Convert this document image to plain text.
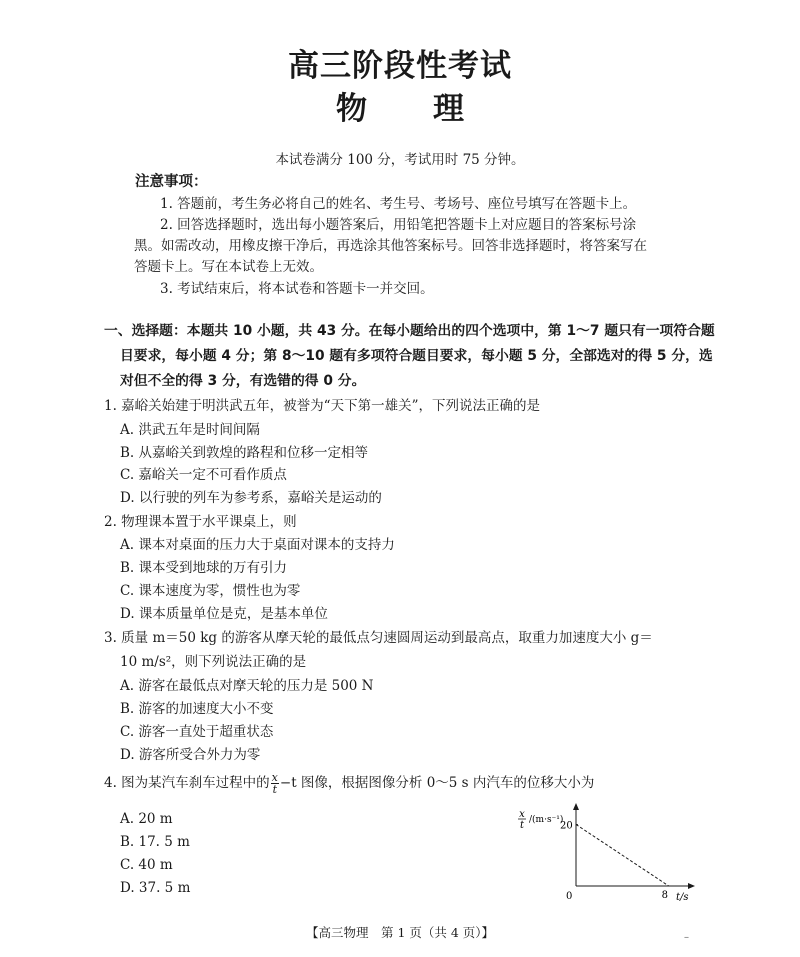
高三阶段性考试
物 理
本试卷满分 100 分，考试用时 75 分钟。
注意事项：
1. 答题前，考生务必将自己的姓名、考生号、考场号、座位号填写在答题卡上。
2. 回答选择题时，选出每小题答案后，用铅笔把答题卡上对应题目的答案标号涂
黑。如需改动，用橡皮擦干净后，再选涂其他答案标号。回答非选择题时，将答案写在
答题卡上。写在本试卷上无效。
3. 考试结束后，将本试卷和答题卡一并交回。
一、选择题：本题共 10 小题，共 43 分。在每小题给出的四个选项中，第 1～7 题只有一项符合题
目要求，每小题 4 分；第 8～10 题有多项符合题目要求，每小题 5 分，全部选对的得 5 分，选
对但不全的得 3 分，有选错的得 0 分。
1. 嘉峪关始建于明洪武五年，被誉为“天下第一雄关”，下列说法正确的是
A. 洪武五年是时间间隔
B. 从嘉峪关到敦煌的路程和位移一定相等
C. 嘉峪关一定不可看作质点
D. 以行驶的列车为参考系，嘉峪关是运动的
2. 物理课本置于水平课桌上，则
A. 课本对桌面的压力大于桌面对课本的支持力
B. 课本受到地球的万有引力
C. 课本速度为零，惯性也为零
D. 课本质量单位是克，是基本单位
3. 质量 m＝50 kg 的游客从摩天轮的最低点匀速圆周运动到最高点，取重力加速度大小 g＝
10 m/s²，则下列说法正确的是
A. 游客在最低点对摩天轮的压力是 500 N
B. 游客的加速度大小不变
C. 游客一直处于超重状态
D. 游客所受合外力为零
4. 图为某汽车刹车过程中的 $\frac{x}{t} -t$ 图像，根据图像分析 0～5 s 内汽车的位移大小为
A. 20 m
B. 17. 5 m
C. 40 m
D. 37. 5 m
x
t /(m·s⁻¹)
20
8
0	t/s
【高三物理　第 1 页（共 4 页）】	–
